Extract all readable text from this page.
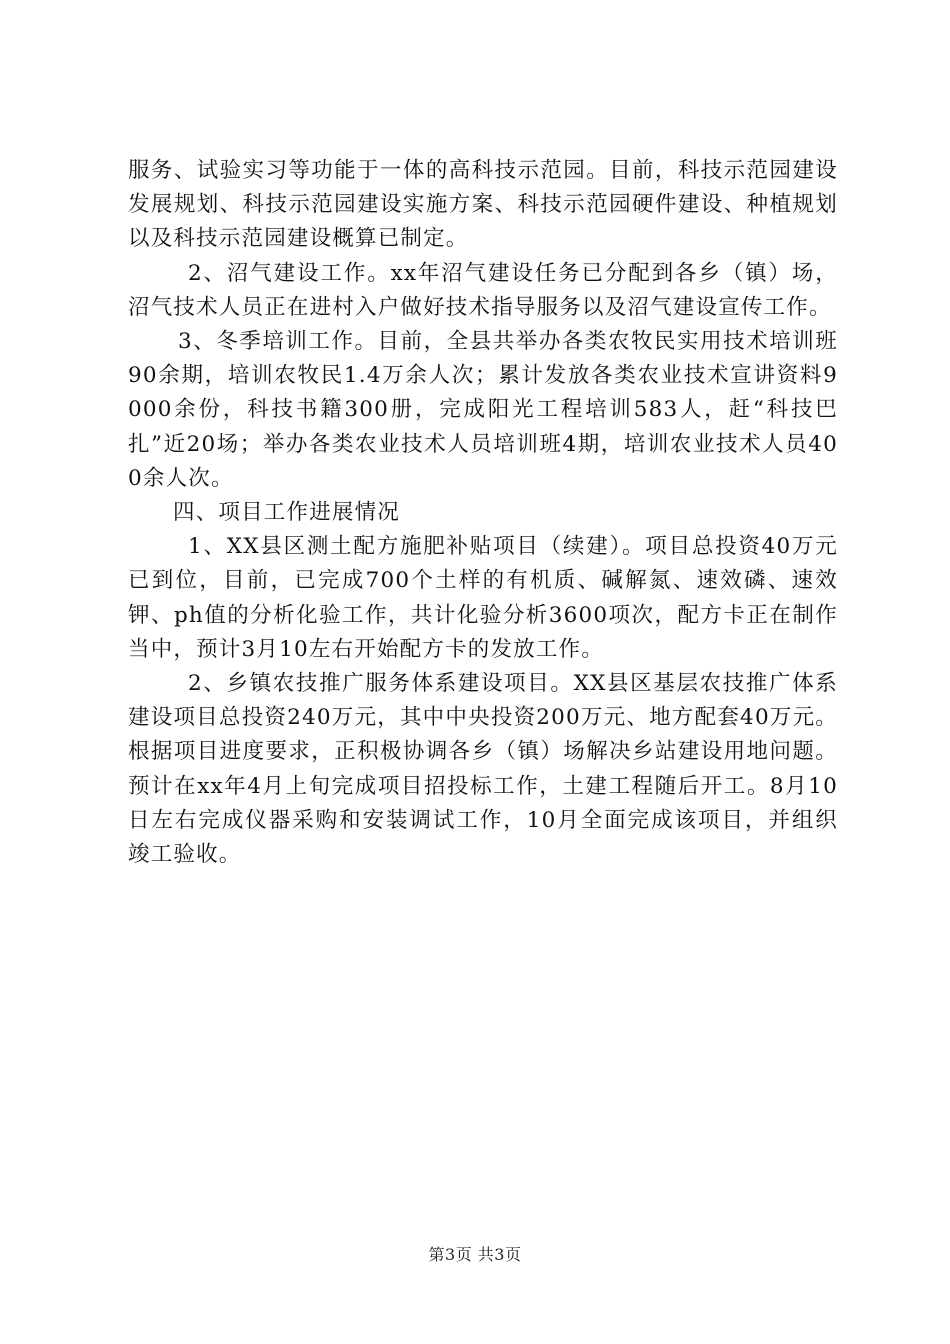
服务、试验实习等功能于一体的高科技示范园。目前，科技示范园建设发展规划、科技示范园建设实施方案、科技示范园硬件建设、种植规划以及科技示范园建设概算已制定。

2、沼气建设工作。xx年沼气建设任务已分配到各乡（镇）场，沼气技术人员正在进村入户做好技术指导服务以及沼气建设宣传工作。

3、冬季培训工作。目前，全县共举办各类农牧民实用技术培训班90余期，培训农牧民1.4万余人次；累计发放各类农业技术宣讲资料9000余份，科技书籍300册，完成阳光工程培训583人，赶“科技巴扎”近20场；举办各类农业技术人员培训班4期，培训农业技术人员400余人次。

四、项目工作进展情况

1、XX县区测土配方施肥补贴项目（续建）。项目总投资40万元已到位，目前，已完成700个土样的有机质、碱解氮、速效磷、速效钾、ph值的分析化验工作，共计化验分析3600项次，配方卡正在制作当中，预计3月10左右开始配方卡的发放工作。

2、乡镇农技推广服务体系建设项目。XX县区基层农技推广体系建设项目总投资240万元，其中中央投资200万元、地方配套40万元。根据项目进度要求，正积极协调各乡（镇）场解决乡站建设用地问题。预计在xx年4月上旬完成项目招投标工作，土建工程随后开工。8月10日左右完成仪器采购和安装调试工作，10月全面完成该项目，并组织竣工验收。

第3页 共3页
